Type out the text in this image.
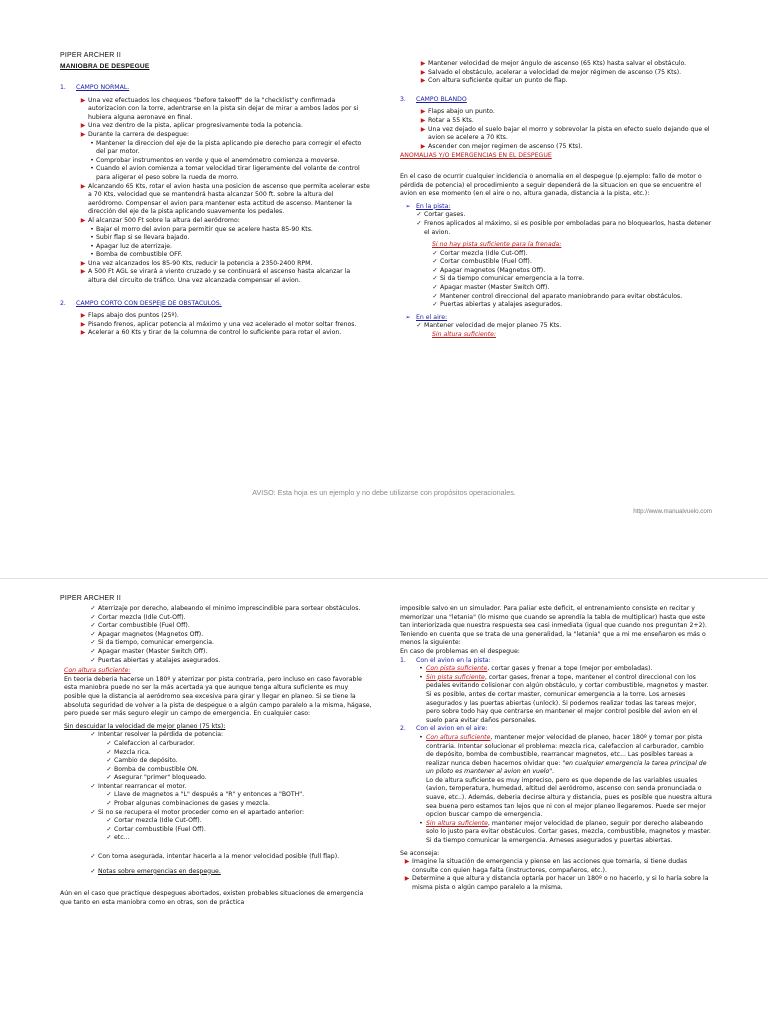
PIPER ARCHER II
MANIOBRA DE DESPEGUE
1.	CAMPO NORMAL.
▶ Una vez efectuados los chequeos "before takeoff" de la "checklist"y confirmada autorizacion con la torre, adentrarse en la pista sin dejar de mirar a ambos lados por si hubiera alguna aeronave en final.
▶ Una vez dentro de la pista, aplicar progresivamente toda la potencia.
▶ Durante la carrera de despegue:
• Mantener la direccion del eje de la pista aplicando pie derecho para corregir el efecto del par motor.
• Comprobar instrumentos en verde y que el anemómetro comienza a moverse.
• Cuando el avion comienza a tomar velocidad tirar ligeramente del volante de control para aligerar el peso sobre la rueda de morro.
▶ Alcanzando 65 Kts, rotar el avion hasta una posicion de ascenso que permita acelerar este a 70 Kts, velocidad que se mantendrá hasta alcanzar 500 ft. sobre la altura del aeródromo. Compensar el avion para mantener esta actitud de ascenso. Mantener la dirección del eje de la pista aplicando suavemente los pedales.
▶ Al alcanzar 500 Ft sobre la altura del aeródromo:
• Bajar el morro del avion para permitir que se acelere hasta 85-90 Kts.
• Subir flap si se llevara bajado.
• Apagar luz de aterrizaje.
• Bomba de combustible OFF.
▶ Una vez alcanzados los 85-90 Kts, reducir la potencia a 2350-2400 RPM.
▶ A 500 Ft AGL se virará a viento cruzado y se continuará el ascenso hasta alcanzar la altura del circuito de tráfico. Una vez alcanzada compensar el avion.
2.	CAMPO CORTO CON DESPEJE DE OBSTACULOS.
▶ Flaps abajo dos puntos (25º).
▶ Pisando frenos, aplicar potencia al máximo y una vez acelerado el motor soltar frenos.
▶ Acelerar a 60 Kts y tirar de la columna de control lo suficiente para rotar el avion.
▶ Mantener velocidad de mejor ángulo de ascenso (65 Kts) hasta salvar el obstáculo.
▶ Salvado el obstáculo, acelerar a velocidad de mejor régimen de ascenso (75 Kts).
▶ Con altura suficiente quitar un punto de flap.
3.	CAMPO BLANDO
▶ Flaps abajo un punto.
▶ Rotar a 55 Kts.
▶ Una vez dejado el suelo bajar el morro y sobrevolar la pista en efecto suelo dejando que el avion se acelere a 70 Kts.
▶ Ascender con mejor regimen de ascenso (75 Kts).
ANOMALIAS Y/O EMERGENCIAS EN EL DESPEGUE
En el caso de ocurrir cualquier incidencia o anomalia en el despegue (p.ejemplo: fallo de motor o pérdida de potencia) el procedimiento a seguir dependerá de la situacion en que se encuentre el avion en ese momento (en el aire o no, altura ganada, distancia a la pista, etc.):
➢ En la pista:
✓ Cortar gases.
✓ Frenos aplicados al máximo, si es posible por emboladas para no bloquearlos, hasta detener el avion.
Si no hay pista suficiente para la frenada:
✓ Cortar mezcla (Idle Cut-Off).
✓ Cortar combustible (Fuel Off).
✓ Apagar magnetos (Magnetos Off).
✓ Si da tiempo comunicar emergencia a la torre.
✓ Apagar master (Master Switch Off).
✓ Mantener control direccional del aparato maniobrando para evitar obstáculos.
✓ Puertas abiertas y atalajes asegurados.
➢ En el aire:
✓ Mantener velocidad de mejor planeo 75 Kts.
Sin altura suficiente:
AVISO: Esta hoja es un ejemplo y no debe utilizarse con propósitos operacionales.
http://www.manualvuelo.com
PIPER ARCHER II
✓ Aterrizaje por derecho, alabeando el minimo imprescindible para sortear obstáculos.
✓ Cortar mezcla (Idle Cut-Off).
✓ Cortar combustible (Fuel Off).
✓ Apagar magnetos (Magnetos Off).
✓ Si da tiempo, comunicar emergencia.
✓ Apagar master (Master Switch Off).
✓ Puertas abiertas y atalajes asegurados.
Con altura suficiente:
En teoria deberia hacerse un 180º y aterrizar por pista contraria, pero incluso en caso favorable esta maniobra puede no ser la más acertada ya que aunque tenga altura suficiente es muy posible que la distancia al aeródromo sea excesiva para girar y llegar en planeo. Si se tiene la absoluta seguridad de volver a la pista de despegue o a algún campo paralelo a la misma, hágase, pero puede ser más seguro elegir un campo de emergencia. En cualquier caso:
Sin descuidar la velocidad de mejor planeo (75 kts):
✓ Intentar resolver la pérdida de potencia:
✓ Calefaccion al carburador.
✓ Mezcla rica.
✓ Cambio de depósito.
✓ Bomba de combustible ON.
✓ Asegurar "primer" bloqueado.
✓ Intentar rearrancar el motor.
✓ Llave de magnetos a "L" después a "R" y entonces a "BOTH".
✓ Probar algunas combinaciones de gases y mezcla.
✓ Si no se recupera el motor proceder como en el apartado anterior:
✓ Cortar mezcla (Idle Cut-Off).
✓ Cortar combustible (Fuel Off).
✓ etc...
✓ Con toma asegurada, intentar hacerla a la menor velocidad posible (full flap).
✓ Notas sobre emergencias en despegue.
Aún en el caso que practique despegues abortados, existen probables situaciones de emergencia que tanto en esta maniobra como en otras, son de práctica
imposible salvo en un simulador. Para paliar este deficit, el entrenamiento consiste en recitar y memorizar una "letania" (lo mismo que cuando se aprendía la tabla de multiplicar) hasta que este tan interiorizada que nuestra respuesta sea casi inmediata (igual que cuando nos preguntan 2+2). Teniendo en cuenta que se trata de una generalidad, la "letania" que a mi me enseñaron es más o menos la siguiente:
En caso de problemas en el despegue:
1.	Con el avion en la pista:
• Con pista suficiente, cortar gases y frenar a tope (mejor por emboladas).
• Sin pista suficiente, cortar gases, frenar a tope, mantener el control direccional con los pedales evitando colisionar con algún obstáculo, y cortar combustible, magnetos y master. Si es posible, antes de cortar master, comunicar emergencia a la torre. Los arneses asegurados y las puertas abiertas (unlock). Si podemos realizar todas las tareas mejor, pero sobre todo hay que centrarse en mantener el mejor control posible del avion en el suelo para evitar daños personales.
2.	Con el avion en el aire:
• Con altura suficiente, mantener mejor velocidad de planeo, hacer 180º y tomar por pista contraria. Intentar solucionar el problema: mezcla rica, calefaccion al carburador, cambio de depósito, bomba de combustible, rearrancar magnetos, etc... Las posibles tareas a realizar nunca deben hacernos olvidar que: "en cualquier emergencia la tarea principal de un piloto es mantener al avion en vuelo".
Lo de altura suficiente es muy impreciso, pero es que depende de las variables usuales (avion, temperatura, humedad, altitud del aeródromo, ascenso con senda pronunciada o suave, etc..). Además, deberia decirse altura y distancia, pues es posible que nuestra altura sea buena pero estamos tan lejos que ni con el mejor planeo llegaremos. Puede ser mejor opcion buscar campo de emergencia.
• Sin altura suficiente, mantener mejor velocidad de planeo, seguir por derecho alabeando solo lo justo para evitar obstáculos. Cortar gases, mezcla, combustible, magnetos y master. Si da tiempo comunicar la emergencia. Arneses asegurados y puertas abiertas.
Se aconseja:
▶ Imagine la situación de emergencia y piense en las acciones que tomaría, si tiene dudas consulte con quien haga falta (instructores, compañeros, etc.).
▶ Determine a que altura y distancia optaría por hacer un 180º o no hacerlo, y si lo haría sobre la misma pista o algún campo paralelo a la misma.
